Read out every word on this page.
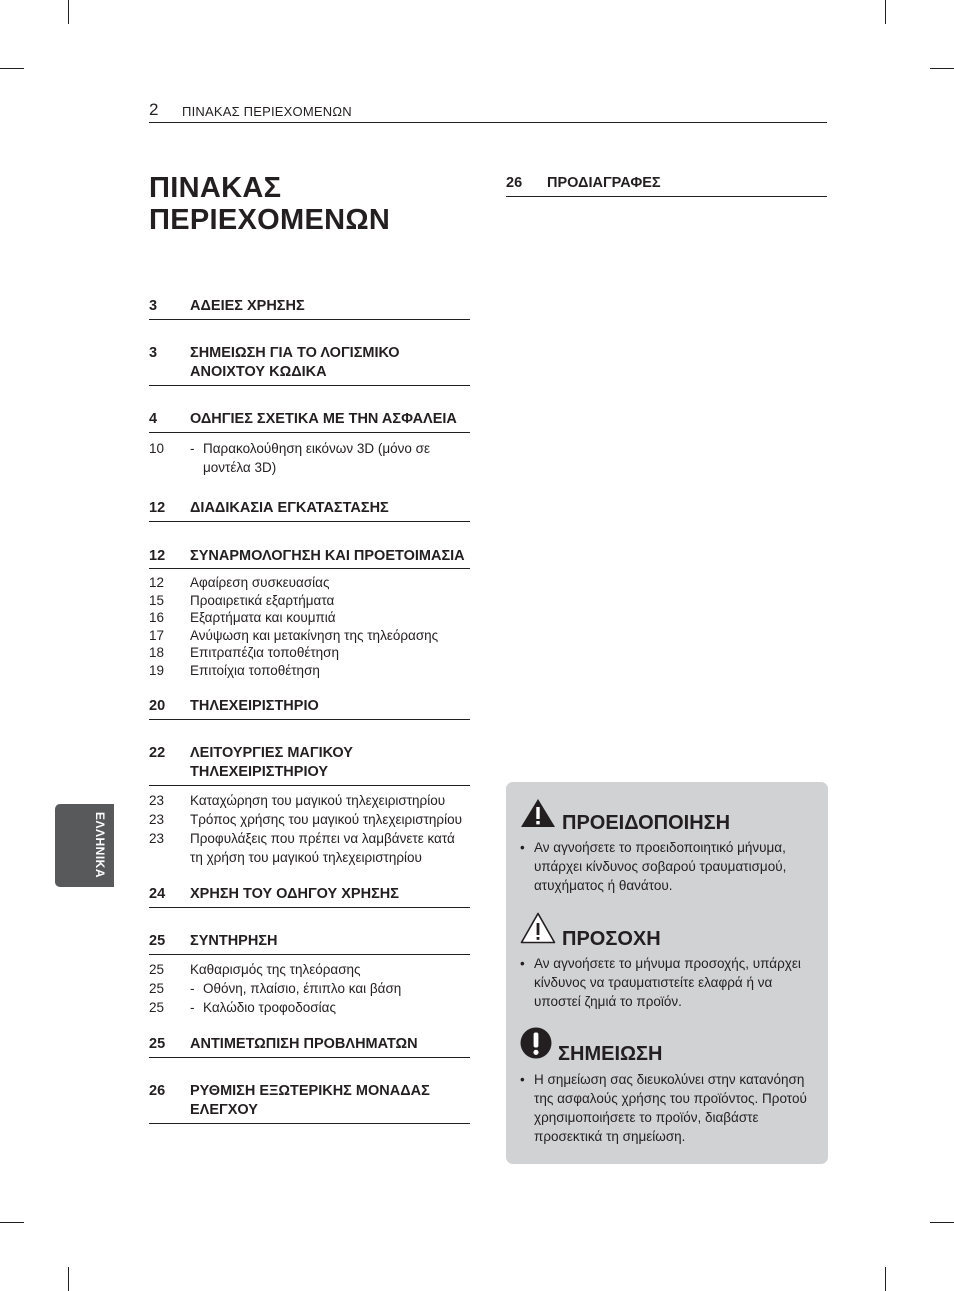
2 ΠΙΝΑΚΑΣ ΠΕΡΙΕΧΟΜΕΝΩΝ
ΠΙΝΑΚΑΣ
ΠΕΡΙΕΧΟΜΕΝΩΝ
3	ΑΔΕΙΕΣ ΧΡΗΣΗΣ
3	ΣΗΜΕΙΩΣΗ ΓΙΑ ΤΟ ΛΟΓΙΣΜΙΚΟ ΑΝΟΙΧΤΟΥ ΚΩΔΙΚΑ
4	ΟΔΗΓΙΕΣ ΣΧΕΤΙΚΑ ΜΕ ΤΗΝ ΑΣΦΑΛΕΙΑ
10	- Παρακολούθηση εικόνων 3D (μόνο σε μοντέλα 3D)
12	ΔΙΑΔΙΚΑΣΙΑ ΕΓΚΑΤΑΣΤΑΣΗΣ
12	ΣΥΝΑΡΜΟΛΟΓΗΣΗ ΚΑΙ ΠΡΟΕΤΟΙΜΑΣΙΑ
12	Αφαίρεση συσκευασίας
15	Προαιρετικά εξαρτήματα
16	Εξαρτήματα και κουμπιά
17	Ανύψωση και μετακίνηση της τηλεόρασης
18	Επιτραπέζια τοποθέτηση
19	Επιτοίχια τοποθέτηση
20	ΤΗΛΕΧΕΙΡΙΣΤΗΡΙΟ
22	ΛΕΙΤΟΥΡΓΙΕΣ ΜΑΓΙΚΟΥ ΤΗΛΕΧΕΙΡΙΣΤΗΡΙΟΥ
23	Καταχώρηση του μαγικού τηλεχειριστηρίου
23	Τρόπος χρήσης του μαγικού τηλεχειριστηρίου
23	Προφυλάξεις που πρέπει να λαμβάνετε κατά τη χρήση του μαγικού τηλεχειριστηρίου
24	ΧΡΗΣΗ ΤΟΥ ΟΔΗΓΟΥ ΧΡΗΣΗΣ
25	ΣΥΝΤΗΡΗΣΗ
25	Καθαρισμός της τηλεόρασης
25	- Οθόνη, πλαίσιο, έπιπλο και βάση
25	- Καλώδιο τροφοδοσίας
25	ΑΝΤΙΜΕΤΩΠΙΣΗ ΠΡΟΒΛΗΜΑΤΩΝ
26	ΡΥΘΜΙΣΗ ΕΞΩΤΕΡΙΚΗΣ ΜΟΝΑΔΑΣ ΕΛΕΓΧΟΥ
26	ΠΡΟΔΙΑΓΡΑΦΕΣ
ΕΛΛΗΝΙΚΑ	ΠΡΟΕΙΔΟΠΟΙΗΣΗ
• Αν αγνοήσετε το προειδοποιητικό μήνυμα, υπάρχει κίνδυνος σοβαρού τραυματισμού, ατυχήματος ή θανάτου.
ΠΡΟΣΟΧΗ
• Αν αγνοήσετε το μήνυμα προσοχής, υπάρχει κίνδυνος να τραυματιστείτε ελαφρά ή να υποστεί ζημιά το προϊόν.
ΣΗΜΕΙΩΣΗ
• Η σημείωση σας διευκολύνει στην κατανόηση της ασφαλούς χρήσης του προϊόντος. Προτού χρησιμοποιήσετε το προϊόν, διαβάστε προσεκτικά τη σημείωση.
